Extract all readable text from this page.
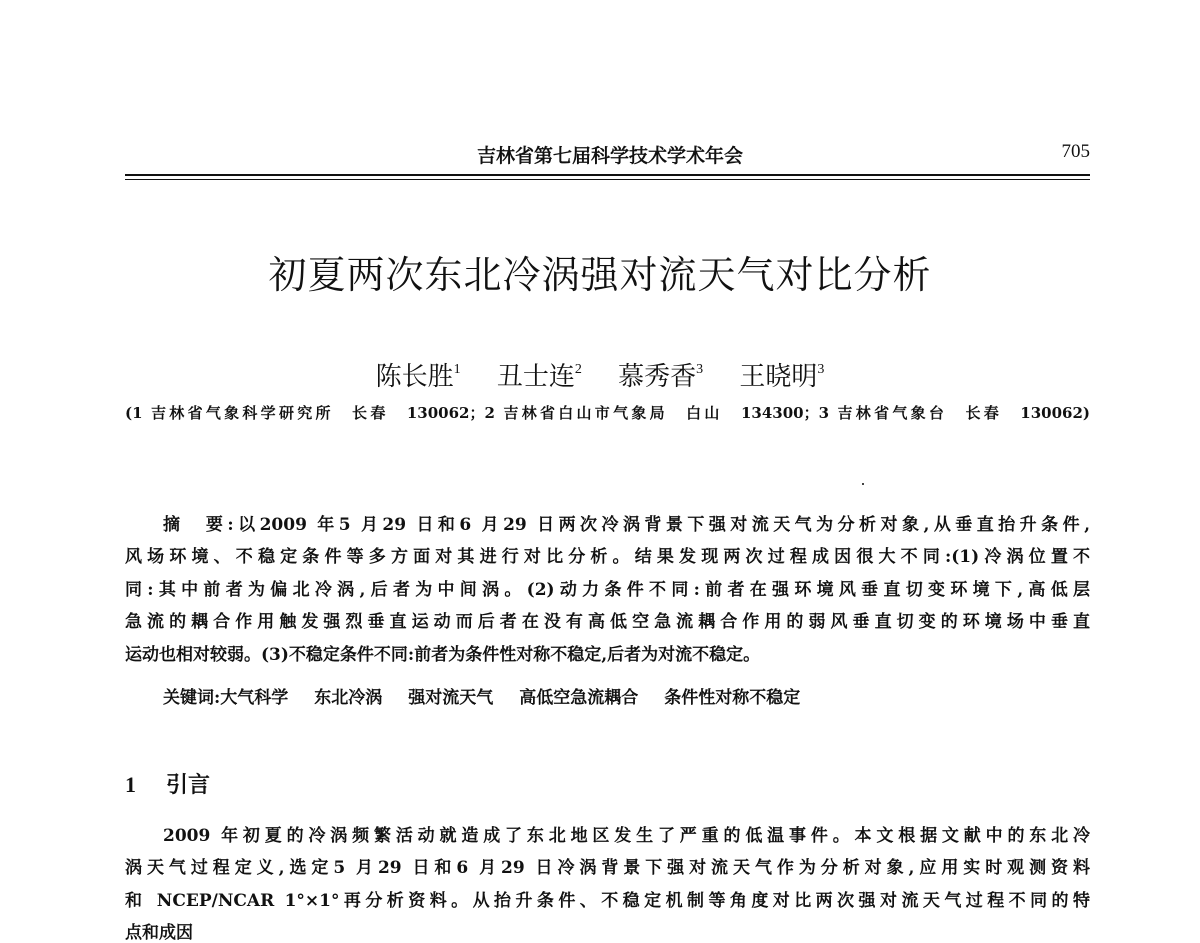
吉林省第七届科学技术学术年会	705
初夏两次东北冷涡强对流天气对比分析
陈长胜$^1$ 丑士连$^2$ 慕秀香$^3$ 王晓明$^3$
(1 吉林省气象科学研究所　长春　130062；2 吉林省白山市气象局　白山　134300；3 吉林省气象台　长春　130062)
摘　要:以2009 年5 月29 日和6 月29 日两次冷涡背景下强对流天气为分析对象,从垂直抬升条件,
风场环境、不稳定条件等多方面对其进行对比分析。结果发现两次过程成因很大不同:(1)冷涡位置不
同:其中前者为偏北冷涡,后者为中间涡。(2)动力条件不同:前者在强环境风垂直切变环境下,高低层
急流的耦合作用触发强烈垂直运动而后者在没有高低空急流耦合作用的弱风垂直切变的环境场中垂直
运动也相对较弱。(3)不稳定条件不同:前者为条件性对称不稳定,后者为对流不稳定。
关键词:大气科学 东北冷涡 强对流天气 高低空急流耦合 条件性对称不稳定
1 引言
2009 年初夏的冷涡频繁活动就造成了东北地区发生了严重的低温事件。本文根据文献中的东北冷
涡天气过程定义,选定5 月29 日和6 月29 日冷涡背景下强对流天气作为分析对象,应用实时观测资料
和 NCEP/NCAR 1°×1°再分析资料。从抬升条件、不稳定机制等角度对比两次强对流天气过程不同的特
点和成因
